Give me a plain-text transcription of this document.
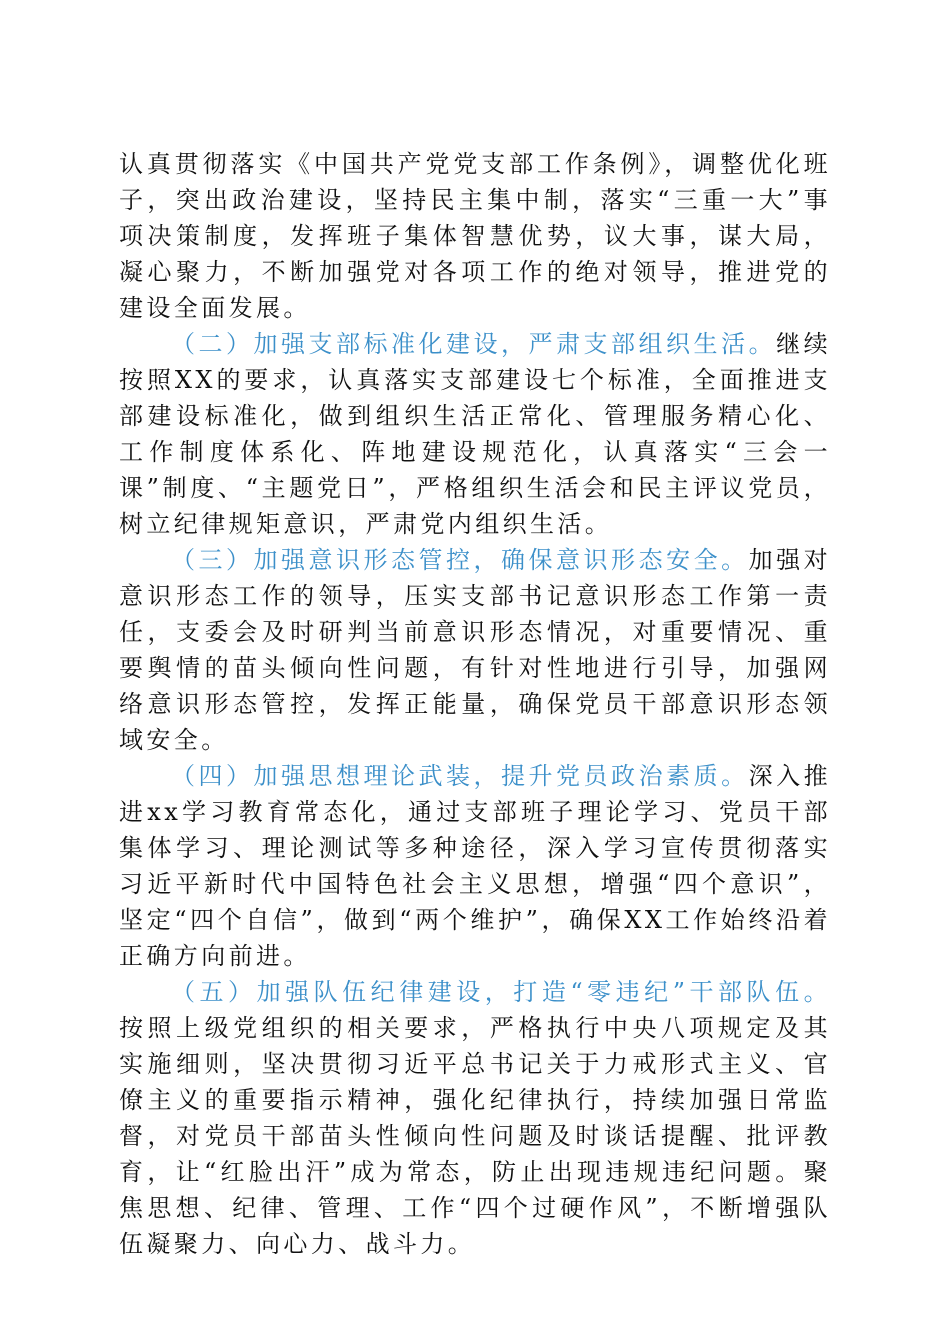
认真贯彻落实《中国共产党党支部工作条例》，调整优化班子，突出政治建设，坚持民主集中制，落实“三重一大”事项决策制度，发挥班子集体智慧优势，议大事，谋大局，凝心聚力，不断加强党对各项工作的绝对领导，推进党的建设全面发展。

（二）加强支部标准化建设，严肃支部组织生活。继续按照XX的要求，认真落实支部建设七个标准，全面推进支部建设标准化，做到组织生活正常化、管理服务精心化、工作制度体系化、阵地建设规范化，认真落实“三会一课”制度、“主题党日”，严格组织生活会和民主评议党员，树立纪律规矩意识，严肃党内组织生活。

（三）加强意识形态管控，确保意识形态安全。加强对意识形态工作的领导，压实支部书记意识形态工作第一责任，支委会及时研判当前意识形态情况，对重要情况、重要舆情的苗头倾向性问题，有针对性地进行引导，加强网络意识形态管控，发挥正能量，确保党员干部意识形态领域安全。

（四）加强思想理论武装，提升党员政治素质。深入推进xx学习教育常态化，通过支部班子理论学习、党员干部集体学习、理论测试等多种途径，深入学习宣传贯彻落实习近平新时代中国特色社会主义思想，增强“四个意识”，坚定“四个自信”，做到“两个维护”，确保XX工作始终沿着正确方向前进。

（五）加强队伍纪律建设，打造“零违纪”干部队伍。按照上级党组织的相关要求，严格执行中央八项规定及其实施细则，坚决贯彻习近平总书记关于力戒形式主义、官僚主义的重要指示精神，强化纪律执行，持续加强日常监督，对党员干部苗头性倾向性问题及时谈话提醒、批评教育，让“红脸出汗”成为常态，防止出现违规违纪问题。聚焦思想、纪律、管理、工作“四个过硬作风”，不断增强队伍凝聚力、向心力、战斗力。
